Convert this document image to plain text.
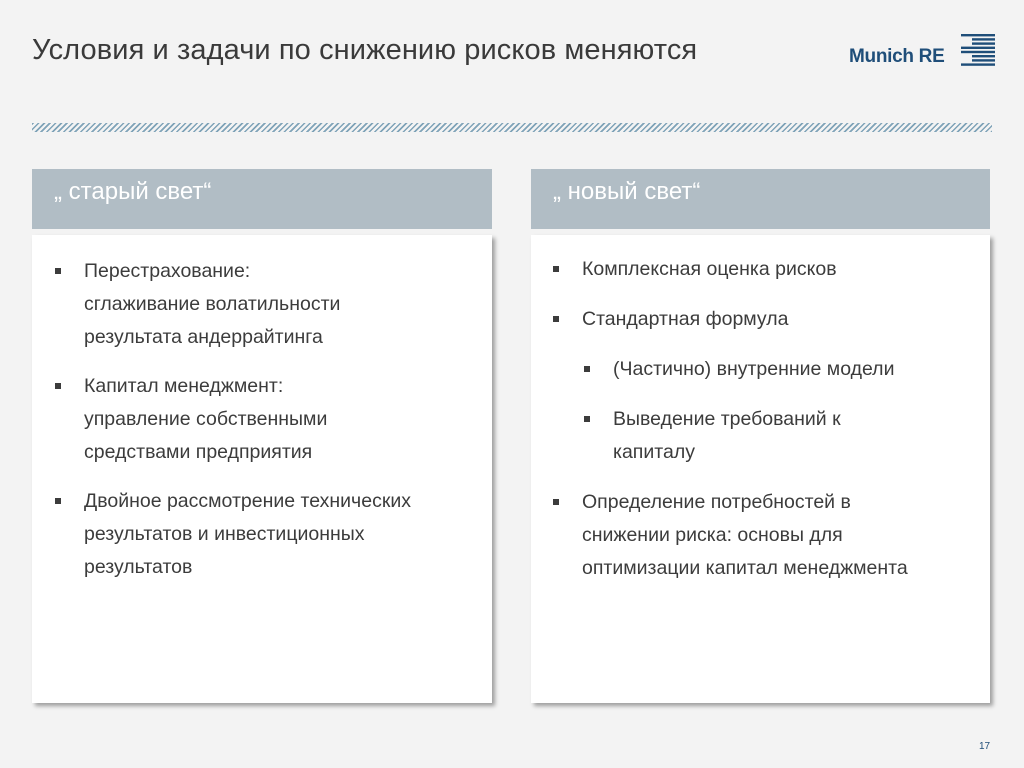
Условия и задачи по снижению рисков меняются	Munich RE
„ старый свет“	„ новый свет“
Перестрахование:
сглаживание волатильности
результата андеррайтинга
Капитал менеджмент:
управление собственными
средствами предприятия
Двойное рассмотрение технических
результатов и инвестиционных
результатов
Комплексная оценка рисков
Стандартная формула
(Частично) внутренние модели
Выведение требований к
капиталу
Определение потребностей в
снижении риска: основы для
оптимизации капитал менеджмента
17
